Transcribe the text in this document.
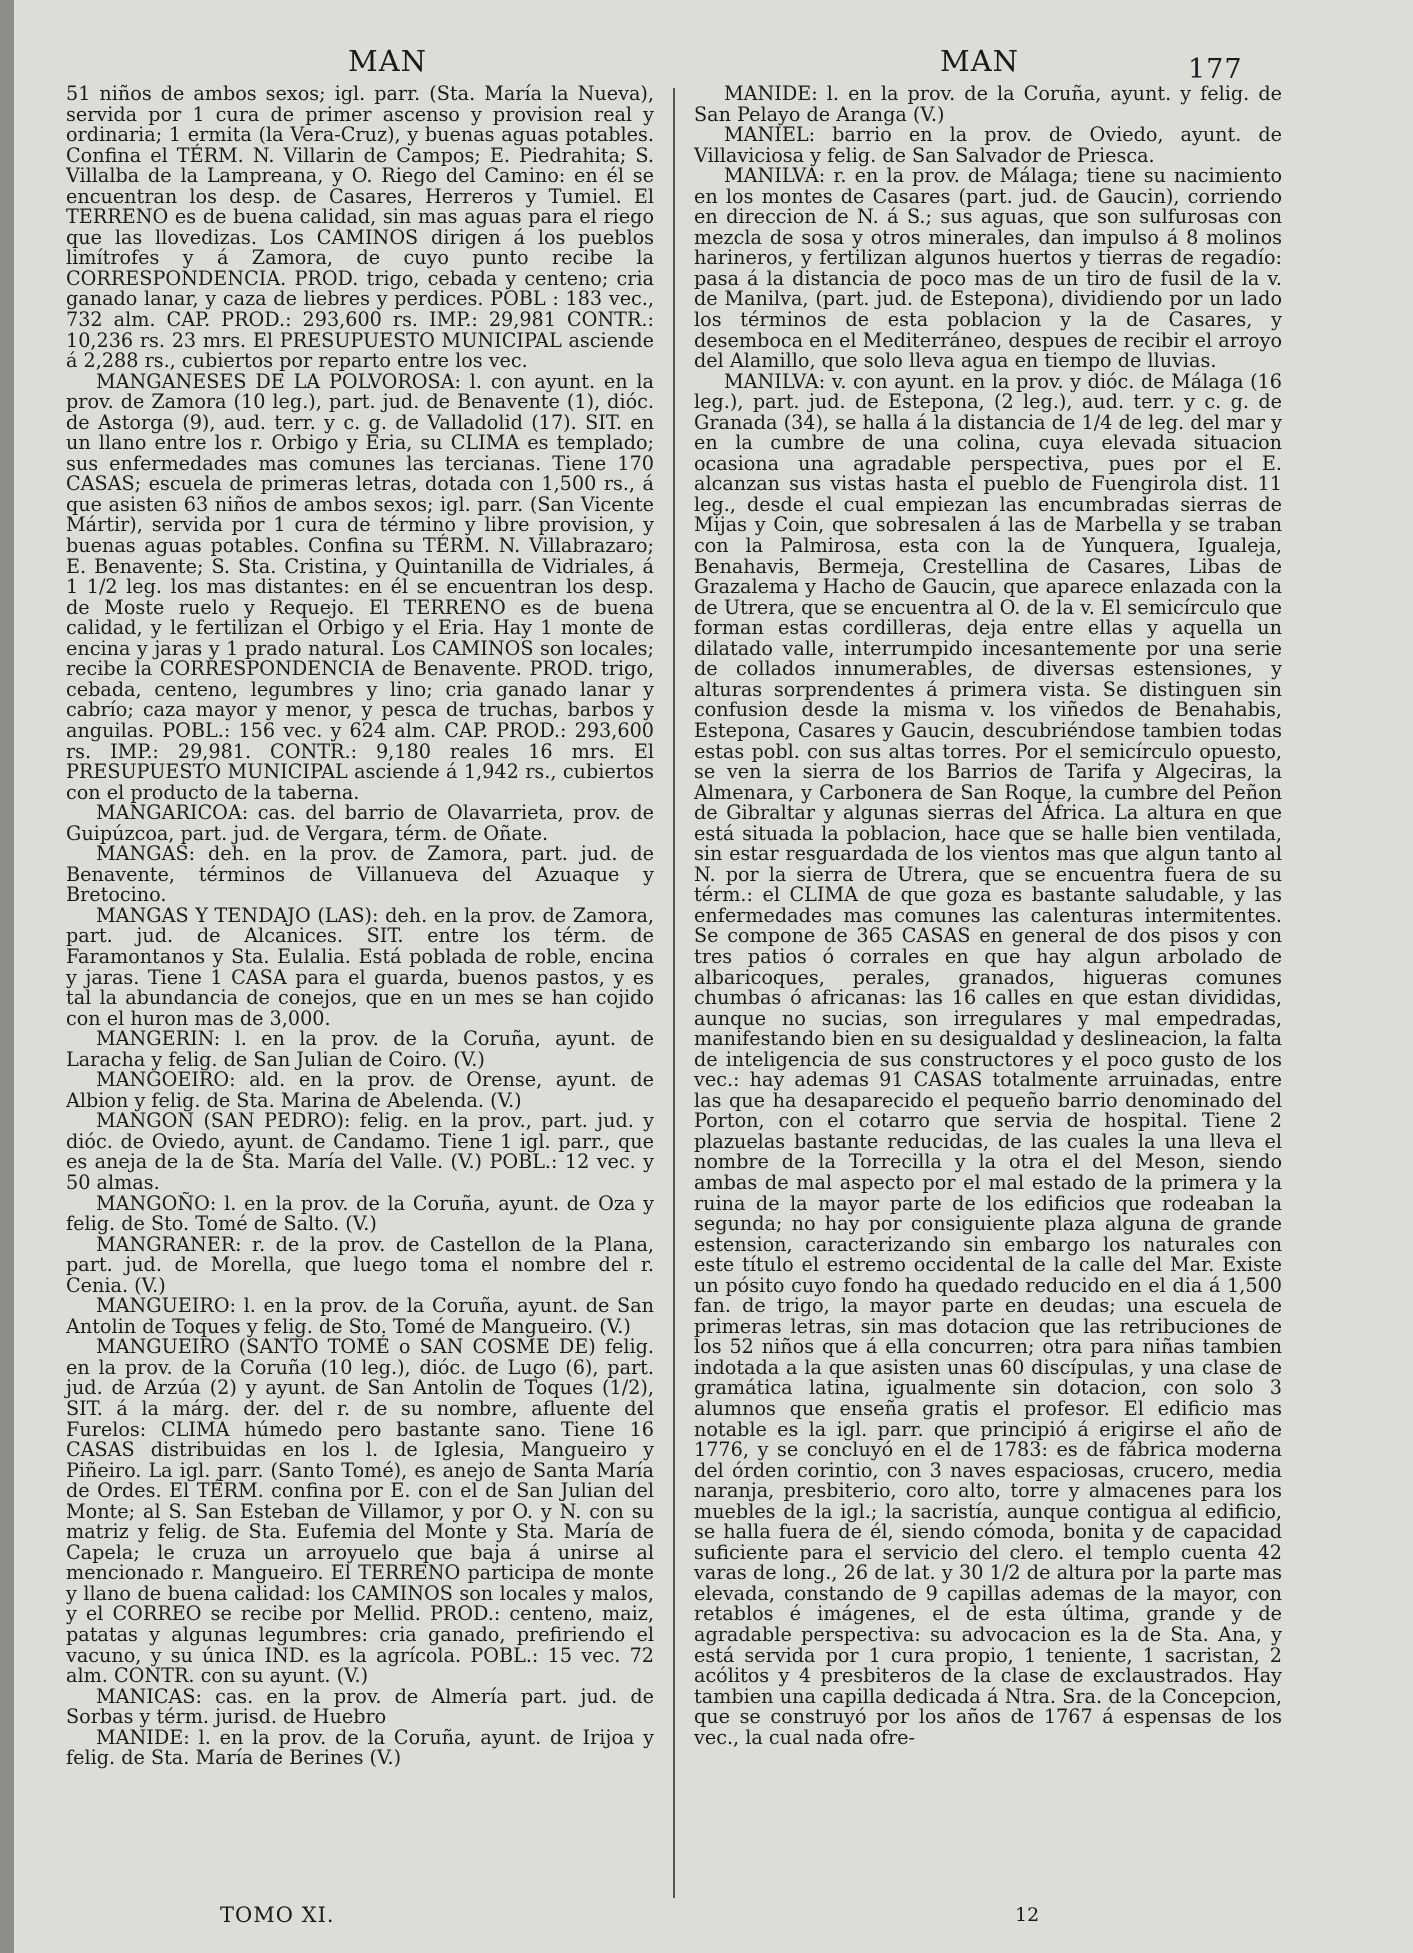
MAN	MAN	177

51 niños de ambos sexos; igl. parr. (Sta. María la Nueva), servida por 1 cura de primer ascenso y provision real y ordinaria; 1 ermita (la Vera-Cruz), y buenas aguas potables. Confina el TÉRM. N. Villarin de Campos; E. Piedrahita; S. Villalba de la Lampreana, y O. Riego del Camino: en él se encuentran los desp. de Casares, Herreros y Tumiel. El TERRENO es de buena calidad, sin mas aguas para el riego que las llovedizas. Los CAMINOS dirigen á los pueblos limítrofes y á Zamora, de cuyo punto recibe la CORRESPONDENCIA. PROD. trigo, cebada y centeno; cria ganado lanar, y caza de liebres y perdices. POBL : 183 vec., 732 alm. CAP. PROD.: 293,600 rs. IMP.: 29,981 CONTR.: 10,236 rs. 23 mrs. El PRESUPUESTO MUNICIPAL asciende á 2,288 rs., cubiertos por reparto entre los vec.

MANGANESES DE LA POLVOROSA: l. con ayunt. en la prov. de Zamora (10 leg.), part. jud. de Benavente (1), dióc. de Astorga (9), aud. terr. y c. g. de Valladolid (17). SIT. en un llano entre los r. Orbigo y Eria, su CLIMA es templado; sus enfermedades mas comunes las tercianas. Tiene 170 CASAS; escuela de primeras letras, dotada con 1,500 rs., á que asisten 63 niños de ambos sexos; igl. parr. (San Vicente Mártir), servida por 1 cura de término y libre provision, y buenas aguas potables. Confina su TÉRM. N. Villabrazaro; E. Benavente; S. Sta. Cristina, y Quintanilla de Vidriales, á 1 1/2 leg. los mas distantes: en él se encuentran los desp. de Moste ruelo y Requejo. El TERRENO es de buena calidad, y le fertilizan el Orbigo y el Eria. Hay 1 monte de encina y jaras y 1 prado natural. Los CAMINOS son locales; recibe la CORRESPONDENCIA de Benavente. PROD. trigo, cebada, centeno, legumbres y lino; cria ganado lanar y cabrío; caza mayor y menor, y pesca de truchas, barbos y anguilas. POBL.: 156 vec. y 624 alm. CAP. PROD.: 293,600 rs. IMP.: 29,981. CONTR.: 9,180 reales 16 mrs. El PRESUPUESTO MUNICIPAL asciende á 1,942 rs., cubiertos con el producto de la taberna.

MANGARICOA: cas. del barrio de Olavarrieta, prov. de Guipúzcoa, part. jud. de Vergara, térm. de Oñate.

MANGAS: deh. en la prov. de Zamora, part. jud. de Benavente, términos de Villanueva del Azuaque y Bretocino.

MANGAS Y TENDAJO (LAS): deh. en la prov. de Zamora, part. jud. de Alcanices. SIT. entre los térm. de Faramontanos y Sta. Eulalia. Está poblada de roble, encina y jaras. Tiene 1 CASA para el guarda, buenos pastos, y es tal la abundancia de conejos, que en un mes se han cojido con el huron mas de 3,000.

MANGERIN: l. en la prov. de la Coruña, ayunt. de Laracha y felig. de San Julian de Coiro. (V.)

MANGOEIRO: ald. en la prov. de Orense, ayunt. de Albion y felig. de Sta. Marina de Abelenda. (V.)

MANGON (SAN PEDRO): felig. en la prov., part. jud. y dióc. de Oviedo, ayunt. de Candamo. Tiene 1 igl. parr., que es aneja de la de Sta. María del Valle. (V.) POBL.: 12 vec. y 50 almas.

MANGOÑO: l. en la prov. de la Coruña, ayunt. de Oza y felig. de Sto. Tomé de Salto. (V.)

MANGRANER: r. de la prov. de Castellon de la Plana, part. jud. de Morella, que luego toma el nombre del r. Cenia. (V.)

MANGUEIRO: l. en la prov. de la Coruña, ayunt. de San Antolin de Toques y felig. de Sto. Tomé de Mangueiro. (V.)

MANGUEIRO (SANTO TOMÉ o SAN COSME DE) felig. en la prov. de la Coruña (10 leg.), dióc. de Lugo (6), part. jud. de Arzúa (2) y ayunt. de San Antolin de Toques (1/2), SIT. á la márg. der. del r. de su nombre, afluente del Furelos: CLIMA húmedo pero bastante sano. Tiene 16 CASAS distribuidas en los l. de Iglesia, Mangueiro y Piñeiro. La igl. parr. (Santo Tomé), es anejo de Santa María de Ordes. El TÉRM. confina por E. con el de San Julian del Monte; al S. San Esteban de Villamor, y por O. y N. con su matriz y felig. de Sta. Eufemia del Monte y Sta. María de Capela; le cruza un arroyuelo que baja á unirse al mencionado r. Mangueiro. El TERRENO participa de monte y llano de buena calidad: los CAMINOS son locales y malos, y el CORREO se recibe por Mellid. PROD.: centeno, maiz, patatas y algunas legumbres: cria ganado, prefiriendo el vacuno, y su única IND. es la agrícola. POBL.: 15 vec. 72 alm. CONTR. con su ayunt. (V.)

MANICAS: cas. en la prov. de Almería part. jud. de Sorbas y térm. jurisd. de Huebro

MANIDE: l. en la prov. de la Coruña, ayunt. de Irijoa y felig. de Sta. María de Berines (V.)

MANIDE: l. en la prov. de la Coruña, ayunt. y felig. de San Pelayo de Aranga (V.)

MANIEL: barrio en la prov. de Oviedo, ayunt. de Villaviciosa y felig. de San Salvador de Priesca.

MANILVA: r. en la prov. de Málaga; tiene su nacimiento en los montes de Casares (part. jud. de Gaucin), corriendo en direccion de N. á S.; sus aguas, que son sulfurosas con mezcla de sosa y otros minerales, dan impulso á 8 molinos harineros, y fertilizan algunos huertos y tierras de regadío: pasa á la distancia de poco mas de un tiro de fusil de la v. de Manilva, (part. jud. de Estepona), dividiendo por un lado los términos de esta poblacion y la de Casares, y desemboca en el Mediterráneo, despues de recibir el arroyo del Alamillo, que solo lleva agua en tiempo de lluvias.

MANILVA: v. con ayunt. en la prov. y dióc. de Málaga (16 leg.), part. jud. de Estepona, (2 leg.), aud. terr. y c. g. de Granada (34), se halla á la distancia de 1/4 de leg. del mar y en la cumbre de una colina, cuya elevada situacion ocasiona una agradable perspectiva, pues por el E. alcanzan sus vistas hasta el pueblo de Fuengirola dist. 11 leg., desde el cual empiezan las encumbradas sierras de Mijas y Coin, que sobresalen á las de Marbella y se traban con la Palmirosa, esta con la de Yunquera, Igualeja, Benahavis, Bermeja, Crestellina de Casares, Libas de Grazalema y Hacho de Gaucin, que aparece enlazada con la de Utrera, que se encuentra al O. de la v. El semicírculo que forman estas cordilleras, deja entre ellas y aquella un dilatado valle, interrumpido incesantemente por una serie de collados innumerables, de diversas estensiones, y alturas sorprendentes á primera vista. Se distinguen sin confusion desde la misma v. los viñedos de Benahabis, Estepona, Casares y Gaucin, descubriéndose tambien todas estas pobl. con sus altas torres. Por el semicírculo opuesto, se ven la sierra de los Barrios de Tarifa y Algeciras, la Almenara, y Carbonera de San Roque, la cumbre del Peñon de Gibraltar y algunas sierras del África. La altura en que está situada la poblacion, hace que se halle bien ventilada, sin estar resguardada de los vientos mas que algun tanto al N. por la sierra de Utrera, que se encuentra fuera de su térm.: el CLIMA de que goza es bastante saludable, y las enfermedades mas comunes las calenturas intermitentes. Se compone de 365 CASAS en general de dos pisos y con tres patios ó corrales en que hay algun arbolado de albaricoques, perales, granados, higueras comunes chumbas ó africanas: las 16 calles en que estan divididas, aunque no sucias, son irregulares y mal empedradas, manifestando bien en su desigualdad y deslineacion, la falta de inteligencia de sus constructores y el poco gusto de los vec.: hay ademas 91 CASAS totalmente arruinadas, entre las que ha desaparecido el pequeño barrio denominado del Porton, con el cotarro que servia de hospital. Tiene 2 plazuelas bastante reducidas, de las cuales la una lleva el nombre de la Torrecilla y la otra el del Meson, siendo ambas de mal aspecto por el mal estado de la primera y la ruina de la mayor parte de los edificios que rodeaban la segunda; no hay por consiguiente plaza alguna de grande estension, caracterizando sin embargo los naturales con este título el estremo occidental de la calle del Mar. Existe un pósito cuyo fondo ha quedado reducido en el dia á 1,500 fan. de trigo, la mayor parte en deudas; una escuela de primeras letras, sin mas dotacion que las retribuciones de los 52 niños que á ella concurren; otra para niñas tambien indotada a la que asisten unas 60 discípulas, y una clase de gramática latina, igualmente sin dotacion, con solo 3 alumnos que enseña gratis el profesor. El edificio mas notable es la igl. parr. que principió á erigirse el año de 1776, y se concluyó en el de 1783: es de fábrica moderna del órden corintio, con 3 naves espaciosas, crucero, media naranja, presbiterio, coro alto, torre y almacenes para los muebles de la igl.; la sacristía, aunque contigua al edificio, se halla fuera de él, siendo cómoda, bonita y de capacidad suficiente para el servicio del clero. el templo cuenta 42 varas de long., 26 de lat. y 30 1/2 de altura por la parte mas elevada, constando de 9 capillas ademas de la mayor, con retablos é imágenes, el de esta última, grande y de agradable perspectiva: su advocacion es la de Sta. Ana, y está servida por 1 cura propio, 1 teniente, 1 sacristan, 2 acólitos y 4 presbiteros de la clase de exclaustrados. Hay tambien una capilla dedicada á Ntra. Sra. de la Concepcion, que se construyó por los años de 1767 á espensas de los vec., la cual nada ofre-

TOMO XI.	12
